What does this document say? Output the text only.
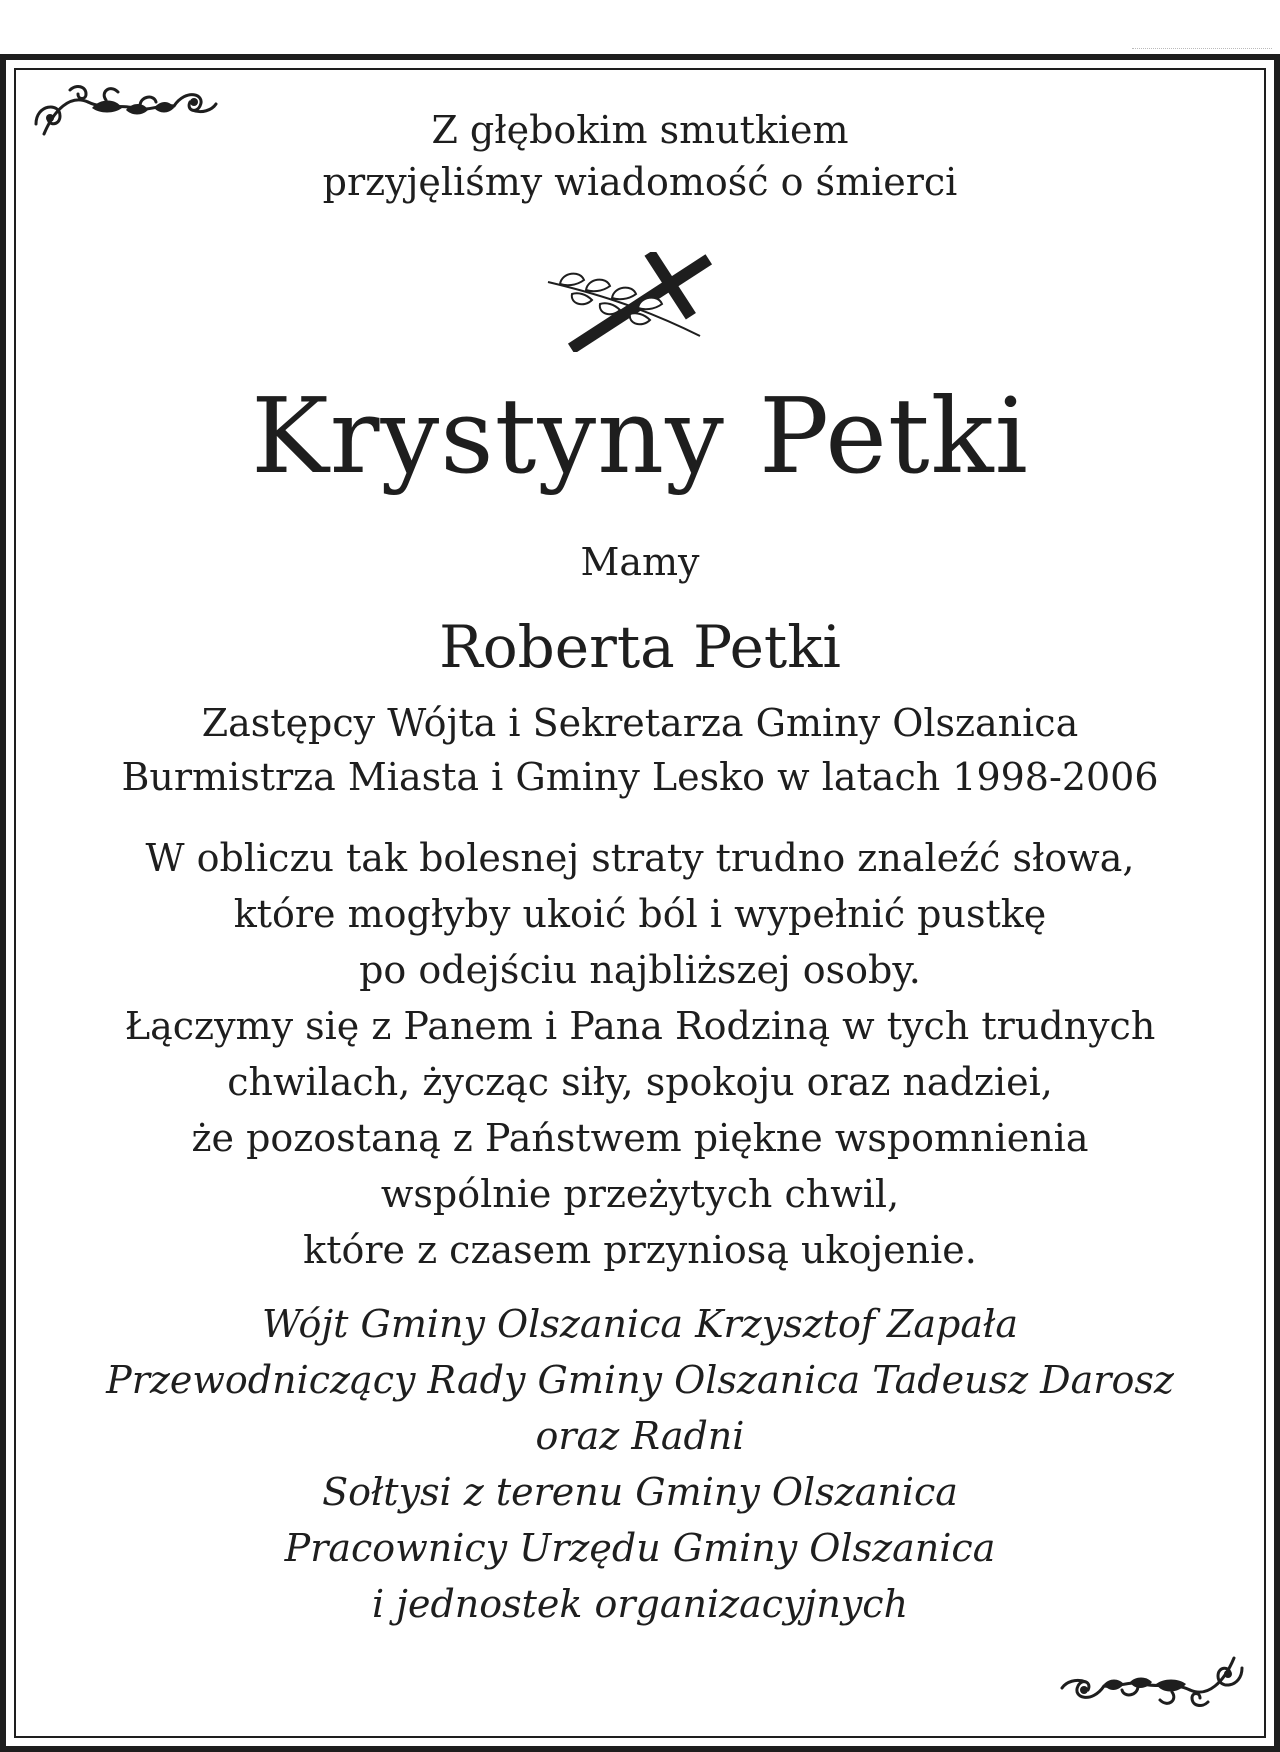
Z głębokim smutkiem
przyjęliśmy wiadomość o śmierci

Krystyny Petki

Mamy

Roberta Petki

Zastępcy Wójta i Sekretarza Gminy Olszanica
Burmistrza Miasta i Gminy Lesko w latach 1998-2006

W obliczu tak bolesnej straty trudno znaleźć słowa,
które mogłyby ukoić ból i wypełnić pustkę
po odejściu najbliższej osoby.
Łączymy się z Panem i Pana Rodziną w tych trudnych
chwilach, życząc siły, spokoju oraz nadziei,
że pozostaną z Państwem piękne wspomnienia
wspólnie przeżytych chwil,
które z czasem przyniosą ukojenie.

Wójt Gminy Olszanica Krzysztof Zapała
Przewodniczący Rady Gminy Olszanica Tadeusz Darosz
oraz Radni
Sołtysi z terenu Gminy Olszanica
Pracownicy Urzędu Gminy Olszanica
i jednostek organizacyjnych
